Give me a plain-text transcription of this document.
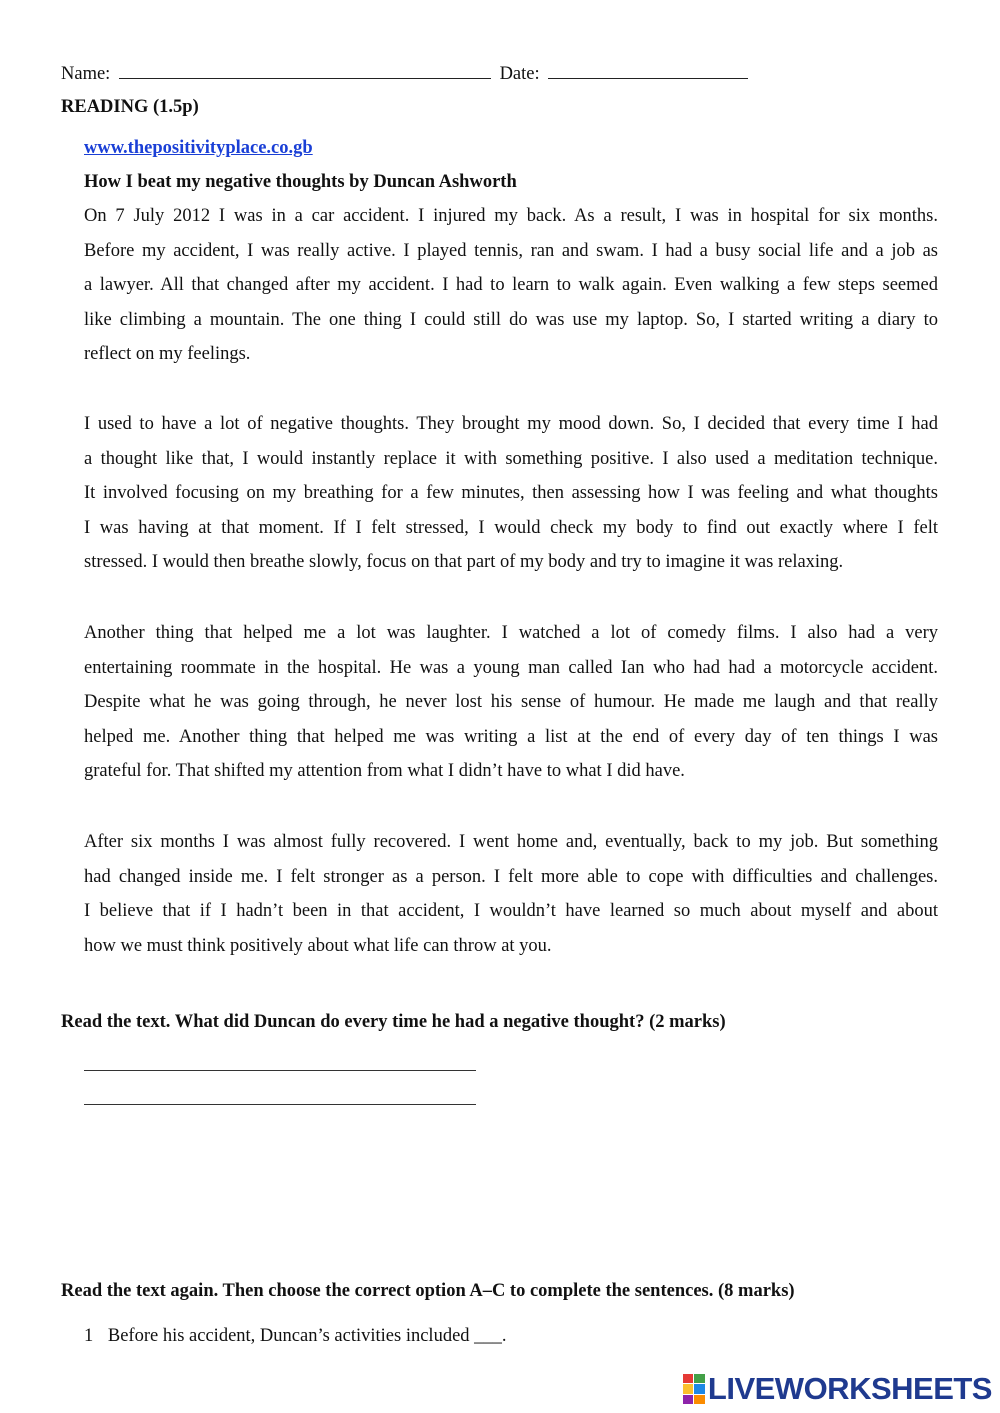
Name:	Date:
READING (1.5p)
www.thepositivityplace.co.gb
How I beat my negative thoughts by Duncan Ashworth
On 7 July 2012 I was in a car accident. I injured my back. As a result, I was in hospital for six months.
Before my accident, I was really active. I played tennis, ran and swam. I had a busy social life and a job as
a lawyer. All that changed after my accident. I had to learn to walk again. Even walking a few steps seemed
like climbing a mountain. The one thing I could still do was use my laptop. So, I started writing a diary to
reflect on my feelings.
I used to have a lot of negative thoughts. They brought my mood down. So, I decided that every time I had
a thought like that, I would instantly replace it with something positive. I also used a meditation technique.
It involved focusing on my breathing for a few minutes, then assessing how I was feeling and what thoughts
I was having at that moment. If I felt stressed, I would check my body to find out exactly where I felt
stressed. I would then breathe slowly, focus on that part of my body and try to imagine it was relaxing.
Another thing that helped me a lot was laughter. I watched a lot of comedy films. I also had a very
entertaining roommate in the hospital. He was a young man called Ian who had had a motorcycle accident.
Despite what he was going through, he never lost his sense of humour. He made me laugh and that really
helped me. Another thing that helped me was writing a list at the end of every day of ten things I was
grateful for. That shifted my attention from what I didn’t have to what I did have.
After six months I was almost fully recovered. I went home and, eventually, back to my job. But something
had changed inside me. I felt stronger as a person. I felt more able to cope with difficulties and challenges.
I believe that if I hadn’t been in that accident, I wouldn’t have learned so much about myself and about
how we must think positively about what life can throw at you.
Read the text. What did Duncan do every time he had a negative thought? (2 marks)
Read the text again. Then choose the correct option A–C to complete the sentences. (8 marks)
1 Before his accident, Duncan’s activities included ___.
LIVEWORKSHEETS
